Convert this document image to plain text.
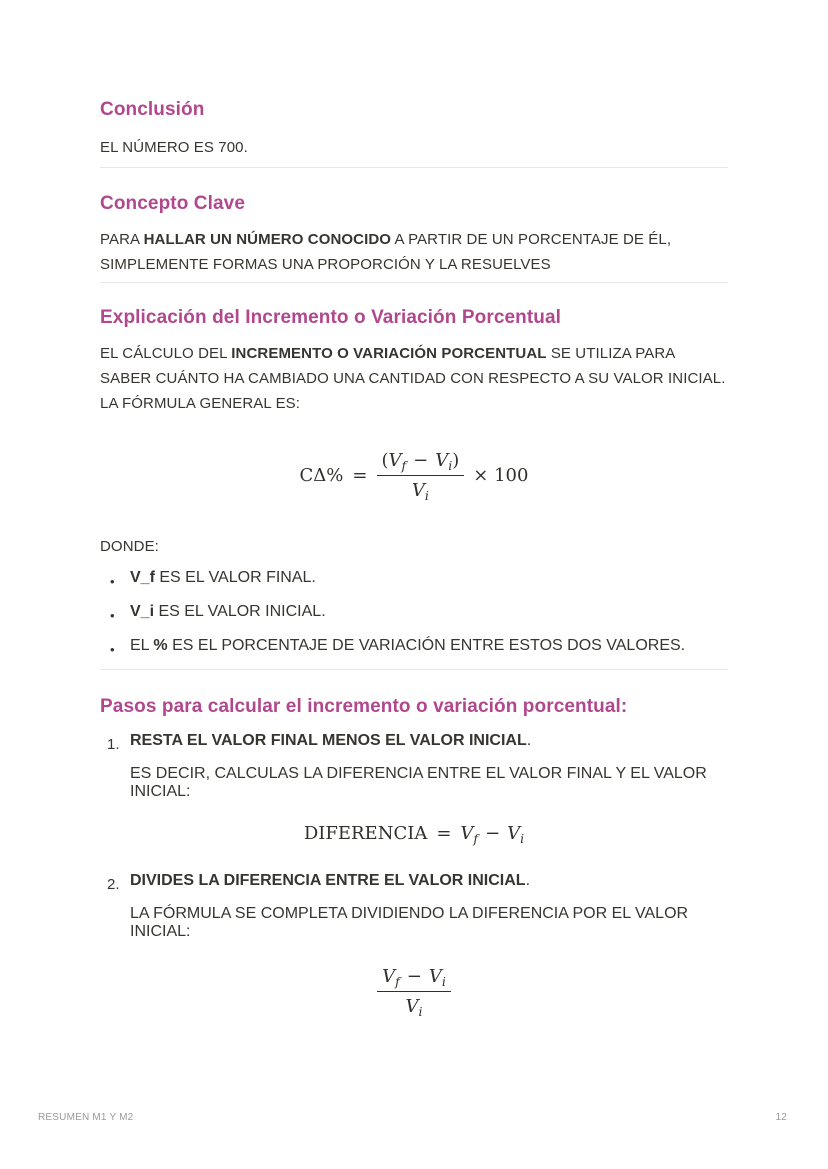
Conclusión

EL NÚMERO ES 700.

Concepto Clave

PARA HALLAR UN NÚMERO CONOCIDO A PARTIR DE UN PORCENTAJE DE ÉL, SIMPLEMENTE FORMAS UNA PROPORCIÓN Y LA RESUELVES

Explicación del Incremento o Variación Porcentual

EL CÁLCULO DEL INCREMENTO O VARIACIÓN PORCENTUAL SE UTILIZA PARA SABER CUÁNTO HA CAMBIADO UNA CANTIDAD CON RESPECTO A SU VALOR INICIAL. LA FÓRMULA GENERAL ES:

$C\Delta\% = \frac{(V_f - V_i)}{V_i} \times 100$

DONDE:

• V_f ES EL VALOR FINAL.
• V_i ES EL VALOR INICIAL.
• EL % ES EL PORCENTAJE DE VARIACIÓN ENTRE ESTOS DOS VALORES.
Pasos para calcular el incremento o variación porcentual:
1. RESTA EL VALOR FINAL MENOS EL VALOR INICIAL.
ES DECIR, CALCULAS LA DIFERENCIA ENTRE EL VALOR FINAL Y EL VALOR INICIAL:
DIFERENCIA = $V_f - V_i$
2. DIVIDES LA DIFERENCIA ENTRE EL VALOR INICIAL.
LA FÓRMULA SE COMPLETA DIVIDIENDO LA DIFERENCIA POR EL VALOR INICIAL:
$\frac{V_f - V_i}{V_i}$
RESUMEN M1 Y M2	12
